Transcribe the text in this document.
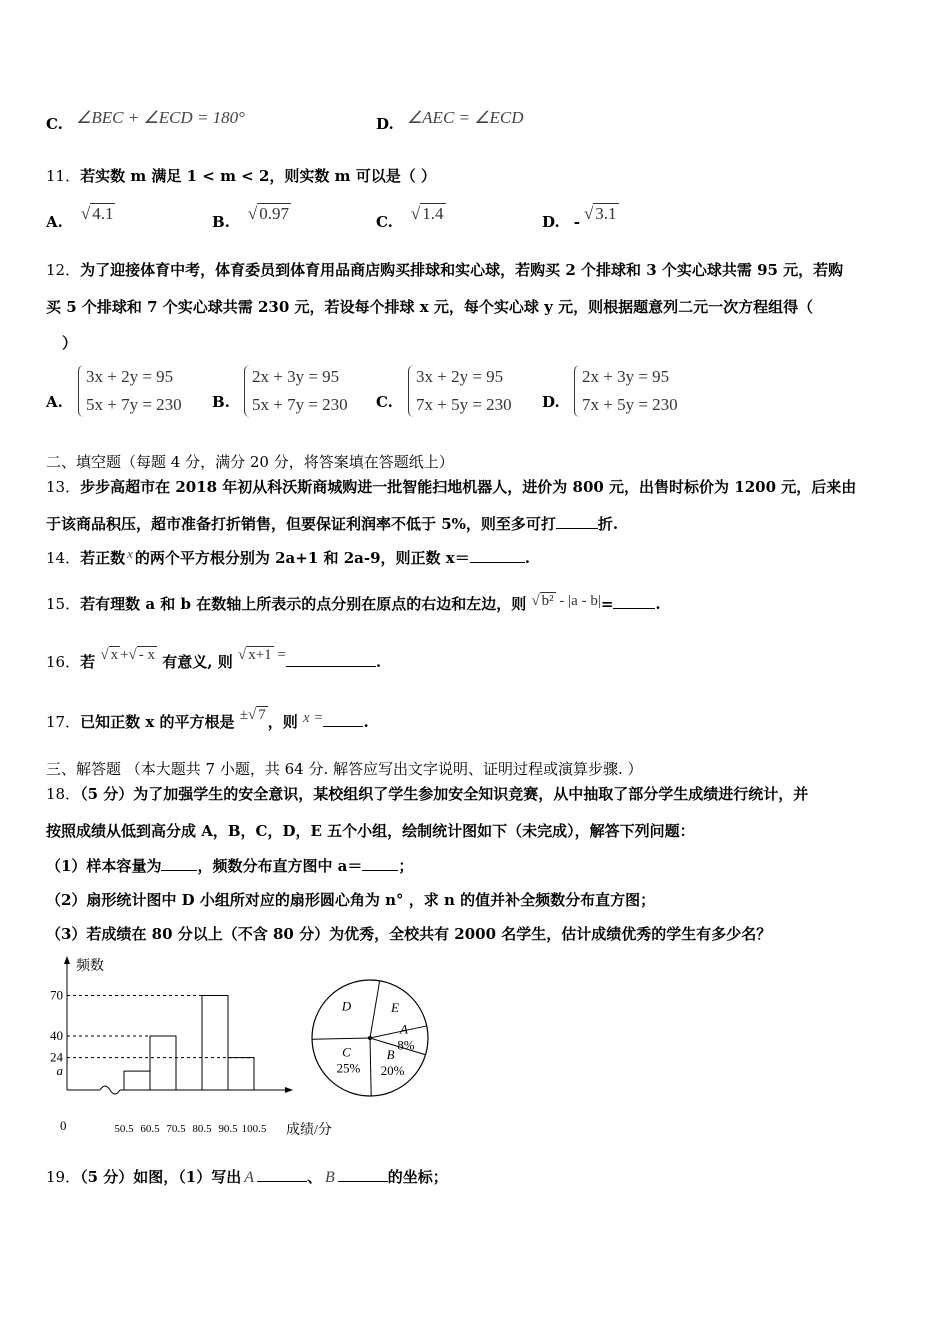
C. ∠BEC + ∠ECD = 180°	D. ∠AEC = ∠ECD
11．若实数 m 满足 1 < m < 2，则实数 m 可以是（ ）
A. √ 4.1	B. √ 0.97	C. √ 1.4	D. - √ 3.1
12．为了迎接体育中考，体育委员到体育用品商店购买排球和实心球，若购买 2 个排球和 3 个实心球共需 95 元，若购
买 5 个排球和 7 个实心球共需 230 元，若设每个排球 x 元，每个实心球 y 元，则根据题意列二元一次方程组得（
）
A.
3x + 2y = 95
5x + 7y = 230 B.
2x + 3y = 95
5x + 7y = 230 C.
3x + 2y = 95
7x + 5y = 230 D.
2x + 3y = 95
7x + 5y = 230
二、填空题（每题 4 分，满分 20 分，将答案填在答题纸上）
13．步步高超市在 2018 年初从科沃斯商城购进一批智能扫地机器人，进价为 800 元，出售时标价为 1200 元，后来由
于该商品积压，超市准备打折销售，但要保证利润率不低于 5%，则至多可打	折.
14．若正数 x 的两个平方根分别为 2a+1 和 2a-9，则正数 x＝	.
15．若有理数 a 和 b 在数轴上所表示的点分别在原点的右边和左边，则 √ b² - |a - b|=	.
16．若 √ x +√ - x 有意义, 则 √ x+1 =	.
17．已知正数 x 的平方根是 ±√ 7 ，则 x =	.
三、解答题 （本大题共 7 小题，共 64 分. 解答应写出文字说明、证明过程或演算步骤. ）
18．（5 分）为了加强学生的安全意识，某校组织了学生参加安全知识竞赛，从中抽取了部分学生成绩进行统计，并
按照成绩从低到高分成 A，B，C，D，E 五个小组，绘制统计图如下（未完成），解答下列问题：
（1）样本容量为 ，频数分布直方图中 a＝ ；
（2）扇形统计图中 D 小组所对应的扇形圆心角为 n° ，求 n 的值并补全频数分布直方图；
（3）若成绩在 80 分以上（不含 80 分）为优秀，全校共有 2000 名学生，估计成绩优秀的学生有多少名？
频数
成绩/分
0
a
24
40
70
50.5 60.5 70.5 80.5 90.5 100.5
A
8%
B
20%
C
25%
D	E
19．（5 分）如图，（1）写出 A	、 B	的坐标；
